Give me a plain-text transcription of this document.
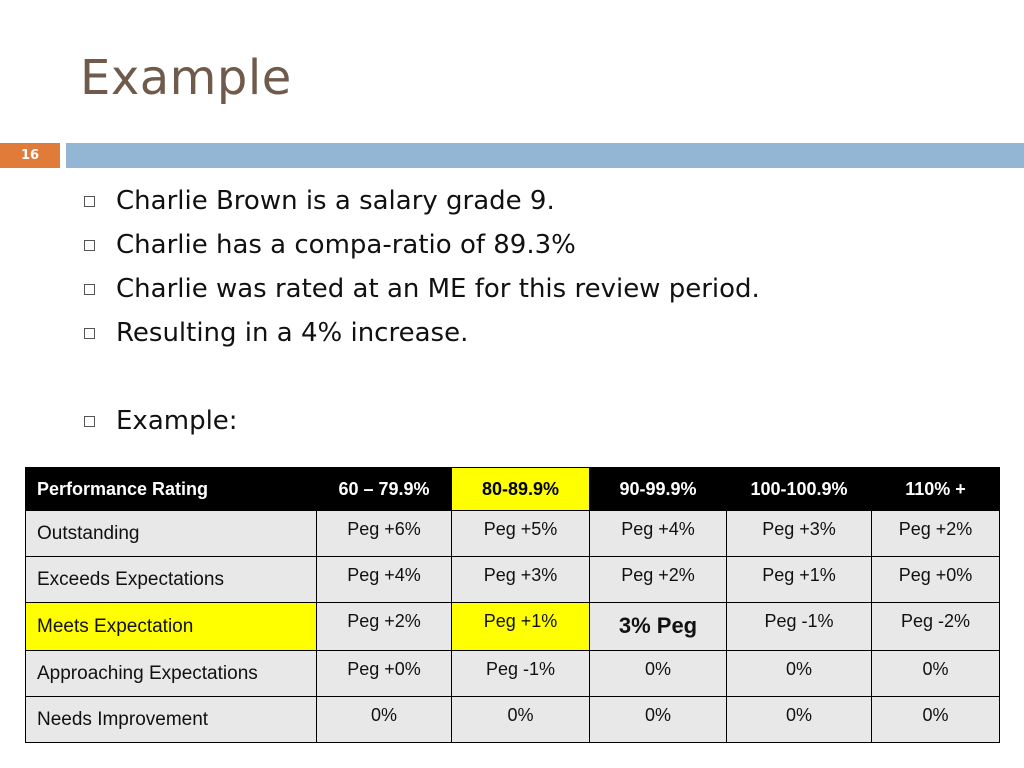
Example
16
Charlie Brown is a salary grade 9.
Charlie has a compa-ratio of 89.3%
Charlie was rated at an ME for this review period.
Resulting in a 4% increase.
Example:
Performance Rating	60 – 79.9%	80-89.9%	90-99.9%	100-100.9%	110% +
Outstanding	Peg +6%	Peg +5%	Peg +4%	Peg +3%	Peg +2%
Exceeds Expectations	Peg +4%	Peg +3%	Peg +2%	Peg +1%	Peg +0%
Meets Expectation	Peg +2%	Peg +1%	3% Peg	Peg -1%	Peg -2%
Approaching Expectations	Peg +0%	Peg -1%	0%	0%	0%
Needs Improvement	0%	0%	0%	0%	0%
